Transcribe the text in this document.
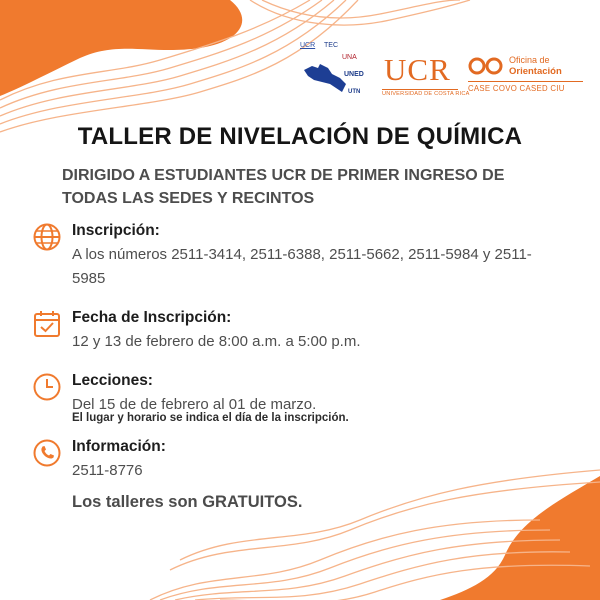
UCR TEC
UNA
UNED
UTN
UCR
UNIVERSIDAD DE COSTA RICA
Oficina de
Orientación
CASE COVO CASED CIU
TALLER DE NIVELACIÓN DE QUÍMICA
DIRIGIDO A ESTUDIANTES UCR DE PRIMER INGRESO DE TODAS LAS SEDES Y RECINTOS
Inscripción:
A los números 2511-3414, 2511-6388, 2511-5662, 2511-5984 y 2511-5985
Fecha de Inscripción:
12 y 13 de febrero de 8:00 a.m. a 5:00 p.m.
Lecciones:
Del 15 de de febrero al 01 de marzo.
El lugar y horario se indica el día de la inscripción.
Información:
2511-8776
Los talleres son GRATUITOS.
